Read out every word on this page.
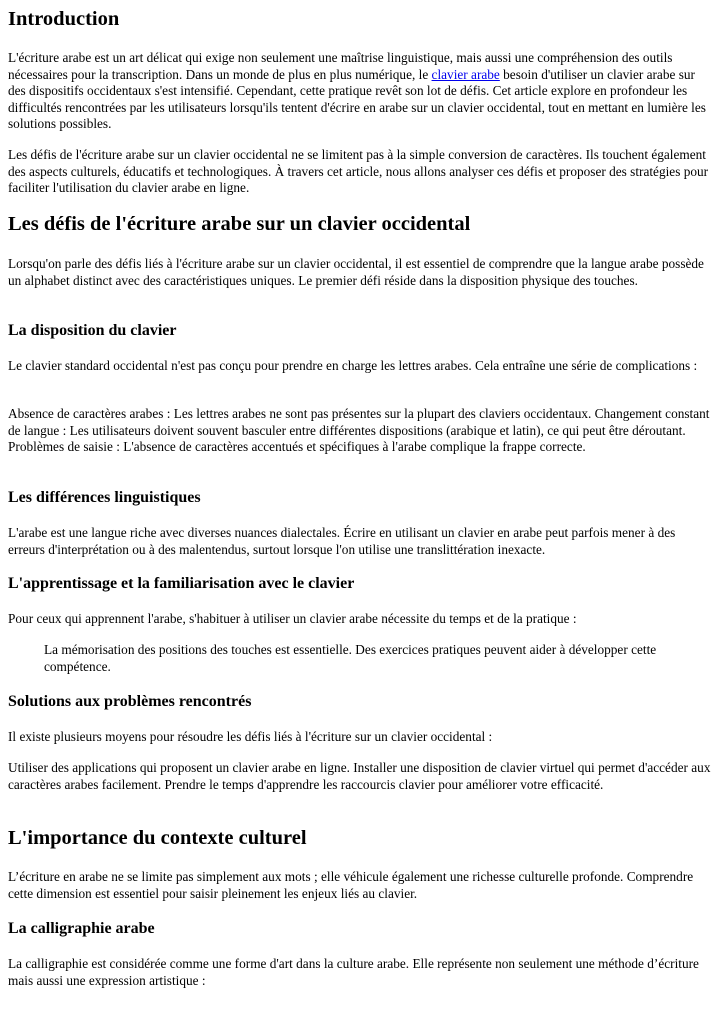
Introduction

L'écriture arabe est un art délicat qui exige non seulement une maîtrise linguistique, mais aussi une compréhension des outils nécessaires pour la transcription. Dans un monde de plus en plus numérique, le clavier arabe besoin d'utiliser un clavier arabe sur des dispositifs occidentaux s'est intensifié. Cependant, cette pratique revêt son lot de défis. Cet article explore en profondeur les difficultés rencontrées par les utilisateurs lorsqu'ils tentent d'écrire en arabe sur un clavier occidental, tout en mettant en lumière les solutions possibles.

Les défis de l'écriture arabe sur un clavier occidental ne se limitent pas à la simple conversion de caractères. Ils touchent également des aspects culturels, éducatifs et technologiques. À travers cet article, nous allons analyser ces défis et proposer des stratégies pour faciliter l'utilisation du clavier arabe en ligne.

Les défis de l'écriture arabe sur un clavier occidental

Lorsqu'on parle des défis liés à l'écriture arabe sur un clavier occidental, il est essentiel de comprendre que la langue arabe possède un alphabet distinct avec des caractéristiques uniques. Le premier défi réside dans la disposition physique des touches.

La disposition du clavier

Le clavier standard occidental n'est pas conçu pour prendre en charge les lettres arabes. Cela entraîne une série de complications :

Absence de caractères arabes : Les lettres arabes ne sont pas présentes sur la plupart des claviers occidentaux. Changement constant de langue : Les utilisateurs doivent souvent basculer entre différentes dispositions (arabique et latin), ce qui peut être déroutant. Problèmes de saisie : L'absence de caractères accentués et spécifiques à l'arabe complique la frappe correcte.

Les différences linguistiques

L'arabe est une langue riche avec diverses nuances dialectales. Écrire en utilisant un clavier en arabe peut parfois mener à des erreurs d'interprétation ou à des malentendus, surtout lorsque l'on utilise une translittération inexacte.

L'apprentissage et la familiarisation avec le clavier

Pour ceux qui apprennent l'arabe, s'habituer à utiliser un clavier arabe nécessite du temps et de la pratique :

La mémorisation des positions des touches est essentielle. Des exercices pratiques peuvent aider à développer cette compétence.

Solutions aux problèmes rencontrés

Il existe plusieurs moyens pour résoudre les défis liés à l'écriture sur un clavier occidental :

Utiliser des applications qui proposent un clavier arabe en ligne. Installer une disposition de clavier virtuel qui permet d'accéder aux caractères arabes facilement. Prendre le temps d'apprendre les raccourcis clavier pour améliorer votre efficacité.

L'importance du contexte culturel

L’écriture en arabe ne se limite pas simplement aux mots ; elle véhicule également une richesse culturelle profonde. Comprendre cette dimension est essentiel pour saisir pleinement les enjeux liés au clavier.

La calligraphie arabe

La calligraphie est considérée comme une forme d'art dans la culture arabe. Elle représente non seulement une méthode d’écriture mais aussi une expression artistique :
